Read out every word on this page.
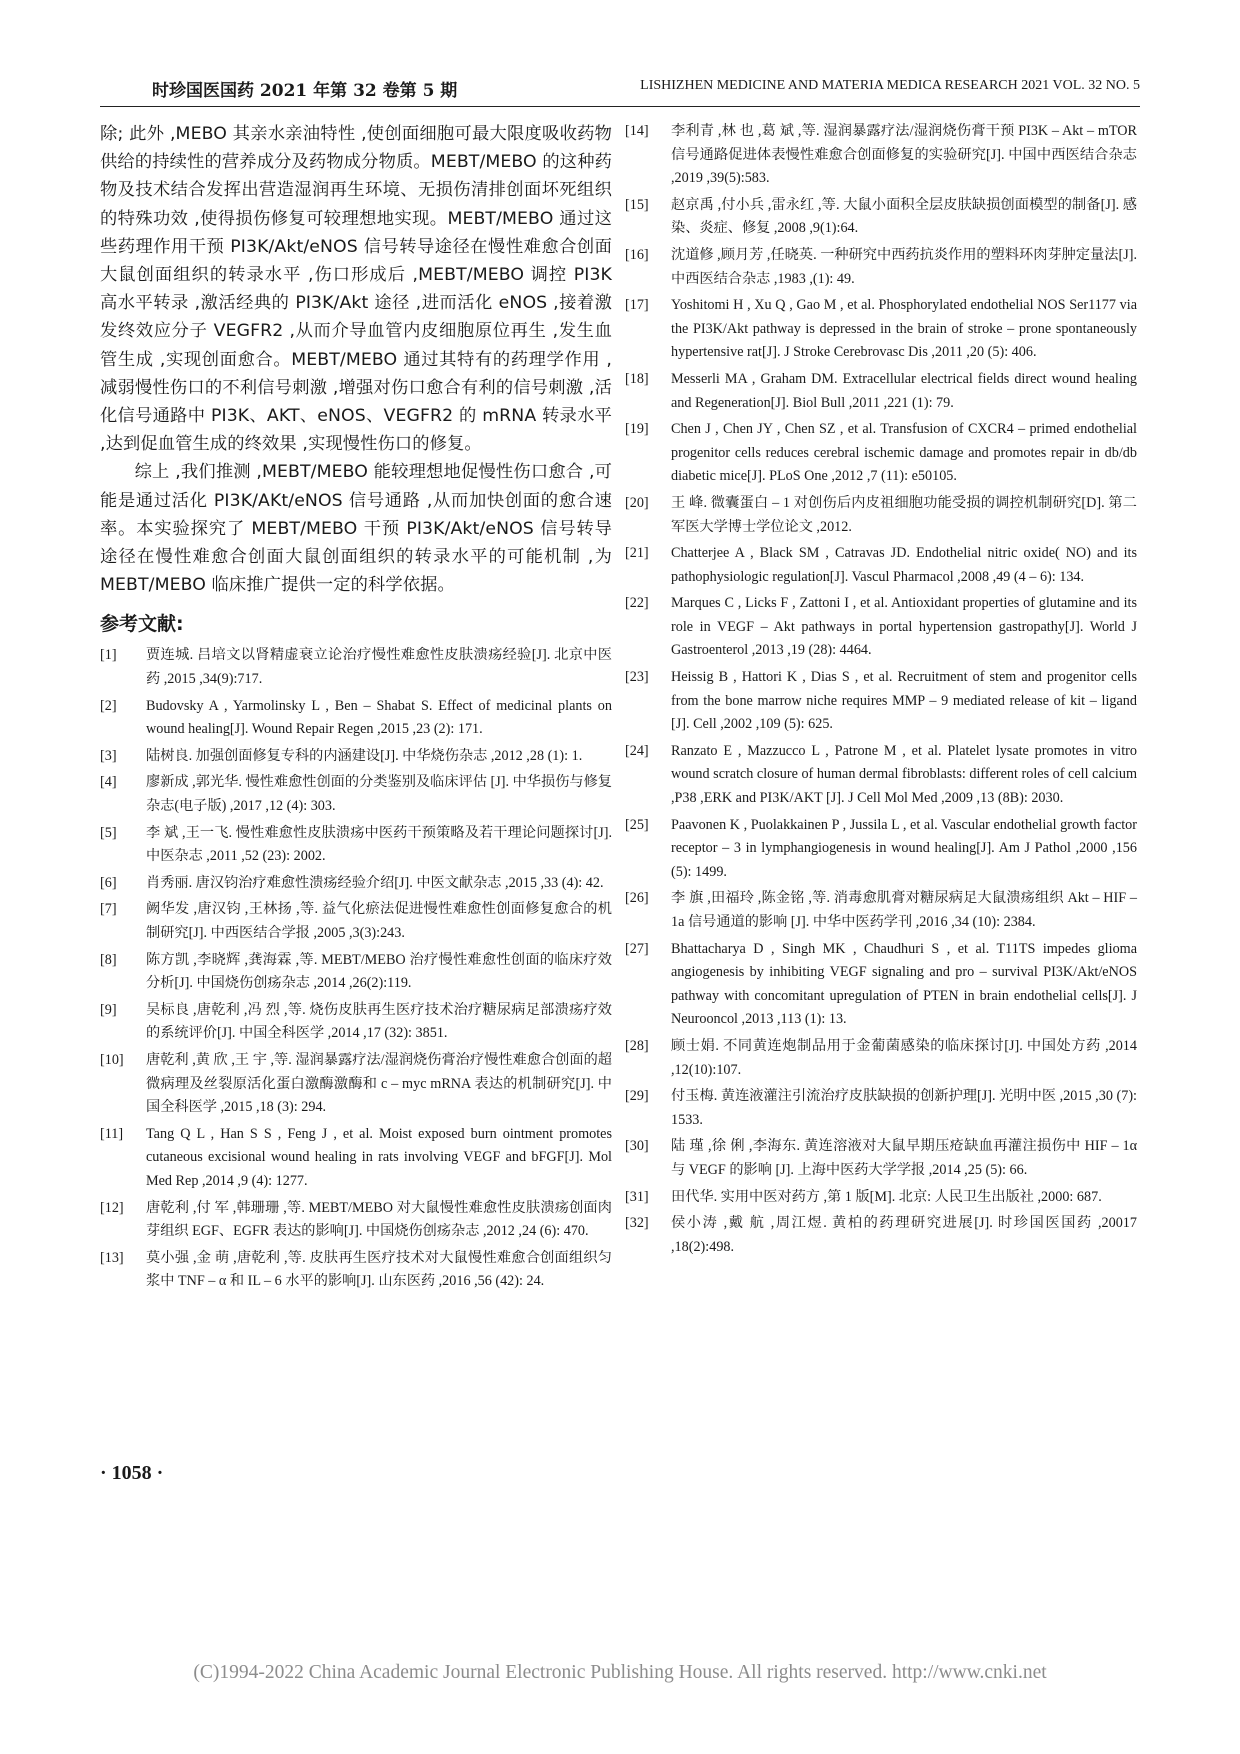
时珍国医国药 2021 年第 32 卷第 5 期	LISHIZHEN MEDICINE AND MATERIA MEDICA RESEARCH 2021 VOL. 32 NO. 5

除; 此外 ,MEBO 其亲水亲油特性 ,使创面细胞可最大限度吸收药物供给的持续性的营养成分及药物成分物质。MEBT/MEBO 的这种药物及技术结合发挥出营造湿润再生环境、无损伤清排创面坏死组织的特殊功效 ,使得损伤修复可较理想地实现。MEBT/MEBO 通过这些药理作用干预 PI3K/Akt/eNOS 信号转导途径在慢性难愈合创面大鼠创面组织的转录水平 ,伤口形成后 ,MEBT/MEBO 调控 PI3K 高水平转录 ,激活经典的 PI3K/Akt 途径 ,进而活化 eNOS ,接着激发终效应分子 VEGFR2 ,从而介导血管内皮细胞原位再生 ,发生血管生成 ,实现创面愈合。MEBT/MEBO 通过其特有的药理学作用 ,减弱慢性伤口的不利信号刺激 ,增强对伤口愈合有利的信号刺激 ,活化信号通路中 PI3K、AKT、eNOS、VEGFR2 的 mRNA 转录水平 ,达到促血管生成的终效果 ,实现慢性伤口的修复。

综上 ,我们推测 ,MEBT/MEBO 能较理想地促慢性伤口愈合 ,可能是通过活化 PI3K/AKt/eNOS 信号通路 ,从而加快创面的愈合速率。本实验探究了 MEBT/MEBO 干预 PI3K/Akt/eNOS 信号转导途径在慢性难愈合创面大鼠创面组织的转录水平的可能机制 ,为 MEBT/MEBO 临床推广提供一定的科学依据。

参考文献:
[1]	贾连城. 吕培文以肾精虚衰立论治疗慢性难愈性皮肤溃疡经验[J]. 北京中医药 ,2015 ,34(9):717.
[2]	Budovsky A , Yarmolinsky L , Ben – Shabat S. Effect of medicinal plants on wound healing[J]. Wound Repair Regen ,2015 ,23 (2): 171.
[3]	陆树良. 加强创面修复专科的内涵建设[J]. 中华烧伤杂志 ,2012 ,28 (1): 1.
[4]	廖新成 ,郭光华. 慢性难愈性创面的分类鉴别及临床评估 [J]. 中华损伤与修复杂志(电子版) ,2017 ,12 (4): 303.
[5]	李 斌 ,王一飞. 慢性难愈性皮肤溃疡中医药干预策略及若干理论问题探讨[J]. 中医杂志 ,2011 ,52 (23): 2002.
[6]	肖秀丽. 唐汉钧治疗难愈性溃疡经验介绍[J]. 中医文献杂志 ,2015 ,33 (4): 42.
[7]	阙华发 ,唐汉钧 ,王林扬 ,等. 益气化瘀法促进慢性难愈性创面修复愈合的机制研究[J]. 中西医结合学报 ,2005 ,3(3):243.
[8]	陈方凯 ,李晓辉 ,龚海霖 ,等. MEBT/MEBO 治疗慢性难愈性创面的临床疗效分析[J]. 中国烧伤创疡杂志 ,2014 ,26(2):119.
[9]	吴标良 ,唐乾利 ,冯 烈 ,等. 烧伤皮肤再生医疗技术治疗糖尿病足部溃疡疗效的系统评价[J]. 中国全科医学 ,2014 ,17 (32): 3851.
[10]	唐乾利 ,黄 欣 ,王 宇 ,等. 湿润暴露疗法/湿润烧伤膏治疗慢性难愈合创面的超微病理及丝裂原活化蛋白激酶激酶和 c – myc mRNA 表达的机制研究[J]. 中国全科医学 ,2015 ,18 (3): 294.
[11]	Tang Q L , Han S S , Feng J , et al. Moist exposed burn ointment promotes cutaneous excisional wound healing in rats involving VEGF and bFGF[J]. Mol Med Rep ,2014 ,9 (4): 1277.
[12]	唐乾利 ,付 军 ,韩珊珊 ,等. MEBT/MEBO 对大鼠慢性难愈性皮肤溃疡创面肉芽组织 EGF、EGFR 表达的影响[J]. 中国烧伤创疡杂志 ,2012 ,24 (6): 470.
[13]	莫小强 ,金 萌 ,唐乾利 ,等. 皮肤再生医疗技术对大鼠慢性难愈合创面组织匀浆中 TNF – α 和 IL – 6 水平的影响[J]. 山东医药 ,2016 ,56 (42): 24.
[14]	李利青 ,林 也 ,葛 斌 ,等. 湿润暴露疗法/湿润烧伤膏干预 PI3K – Akt – mTOR 信号通路促进体表慢性难愈合创面修复的实验研究[J]. 中国中西医结合杂志 ,2019 ,39(5):583.
[15]	赵京禹 ,付小兵 ,雷永红 ,等. 大鼠小面积全层皮肤缺损创面模型的制备[J]. 感染、炎症、修复 ,2008 ,9(1):64.
[16]	沈道修 ,顾月芳 ,任晓英. 一种研究中西药抗炎作用的塑料环肉芽肿定量法[J]. 中西医结合杂志 ,1983 ,(1): 49.
[17]	Yoshitomi H , Xu Q , Gao M , et al. Phosphorylated endothelial NOS Ser1177 via the PI3K/Akt pathway is depressed in the brain of stroke – prone spontaneously hypertensive rat[J]. J Stroke Cerebrovasc Dis ,2011 ,20 (5): 406.
[18]	Messerli MA , Graham DM. Extracellular electrical fields direct wound healing and Regeneration[J]. Biol Bull ,2011 ,221 (1): 79.
[19]	Chen J , Chen JY , Chen SZ , et al. Transfusion of CXCR4 – primed endothelial progenitor cells reduces cerebral ischemic damage and promotes repair in db/db diabetic mice[J]. PLoS One ,2012 ,7 (11): e50105.
[20]	王 峰. 微囊蛋白 – 1 对创伤后内皮祖细胞功能受损的调控机制研究[D]. 第二军医大学博士学位论文 ,2012.
[21]	Chatterjee A , Black SM , Catravas JD. Endothelial nitric oxide( NO) and its pathophysiologic regulation[J]. Vascul Pharmacol ,2008 ,49 (4 – 6): 134.
[22]	Marques C , Licks F , Zattoni I , et al. Antioxidant properties of glutamine and its role in VEGF – Akt pathways in portal hypertension gastropathy[J]. World J Gastroenterol ,2013 ,19 (28): 4464.
[23]	Heissig B , Hattori K , Dias S , et al. Recruitment of stem and progenitor cells from the bone marrow niche requires MMP – 9 mediated release of kit – ligand [J]. Cell ,2002 ,109 (5): 625.
[24]	Ranzato E , Mazzucco L , Patrone M , et al. Platelet lysate promotes in vitro wound scratch closure of human dermal fibroblasts: different roles of cell calcium ,P38 ,ERK and PI3K/AKT [J]. J Cell Mol Med ,2009 ,13 (8B): 2030.
[25]	Paavonen K , Puolakkainen P , Jussila L , et al. Vascular endothelial growth factor receptor – 3 in lymphangiogenesis in wound healing[J]. Am J Pathol ,2000 ,156 (5): 1499.
[26]	李 旗 ,田福玲 ,陈金铭 ,等. 消毒愈肌膏对糖尿病足大鼠溃疡组织 Akt – HIF – 1a 信号通道的影响 [J]. 中华中医药学刊 ,2016 ,34 (10): 2384.
[27]	Bhattacharya D , Singh MK , Chaudhuri S , et al. T11TS impedes glioma angiogenesis by inhibiting VEGF signaling and pro – survival PI3K/Akt/eNOS pathway with concomitant upregulation of PTEN in brain endothelial cells[J]. J Neurooncol ,2013 ,113 (1): 13.
[28]	顾士娟. 不同黄连炮制品用于金葡菌感染的临床探讨[J]. 中国处方药 ,2014 ,12(10):107.
[29]	付玉梅. 黄连液灌注引流治疗皮肤缺损的创新护理[J]. 光明中医 ,2015 ,30 (7): 1533.
[30]	陆 瑾 ,徐 俐 ,李海东. 黄连溶液对大鼠早期压疮缺血再灌注损伤中 HIF – 1α 与 VEGF 的影响 [J]. 上海中医药大学学报 ,2014 ,25 (5): 66.
[31]	田代华. 实用中医对药方 ,第 1 版[M]. 北京: 人民卫生出版社 ,2000: 687.
[32]	侯小涛 ,戴 航 ,周江煜. 黄柏的药理研究进展[J]. 时珍国医国药 ,20017 ,18(2):498.
· 1058 ·
(C)1994-2022 China Academic Journal Electronic Publishing House. All rights reserved. http://www.cnki.net
